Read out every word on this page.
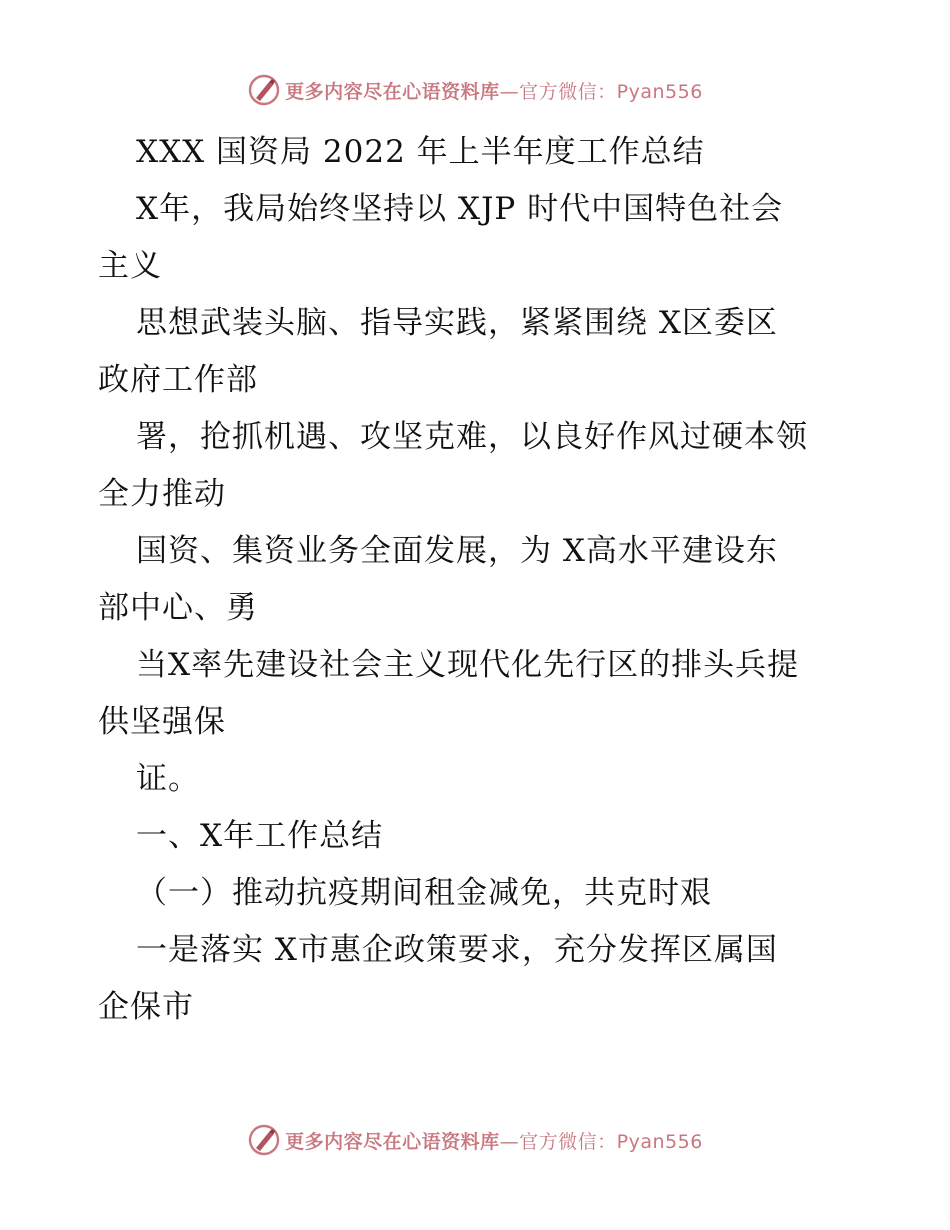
更多内容尽在心语资料库—官方微信：Pyan556
XXX 国资局 2022 年上半年度工作总结
X年，我局始终坚持以 XJP 时代中国特色社会
主义
思想武装头脑、指导实践，紧紧围绕 X区委区
政府工作部
署，抢抓机遇、攻坚克难，以良好作风过硬本领
全力推动
国资、集资业务全面发展，为 X高水平建设东
部中心、勇
当X率先建设社会主义现代化先行区的排头兵提
供坚强保
证。
一、X年工作总结
（一）推动抗疫期间租金减免，共克时艰
一是落实 X市惠企政策要求，充分发挥区属国
企保市
更多内容尽在心语资料库—官方微信：Pyan556
